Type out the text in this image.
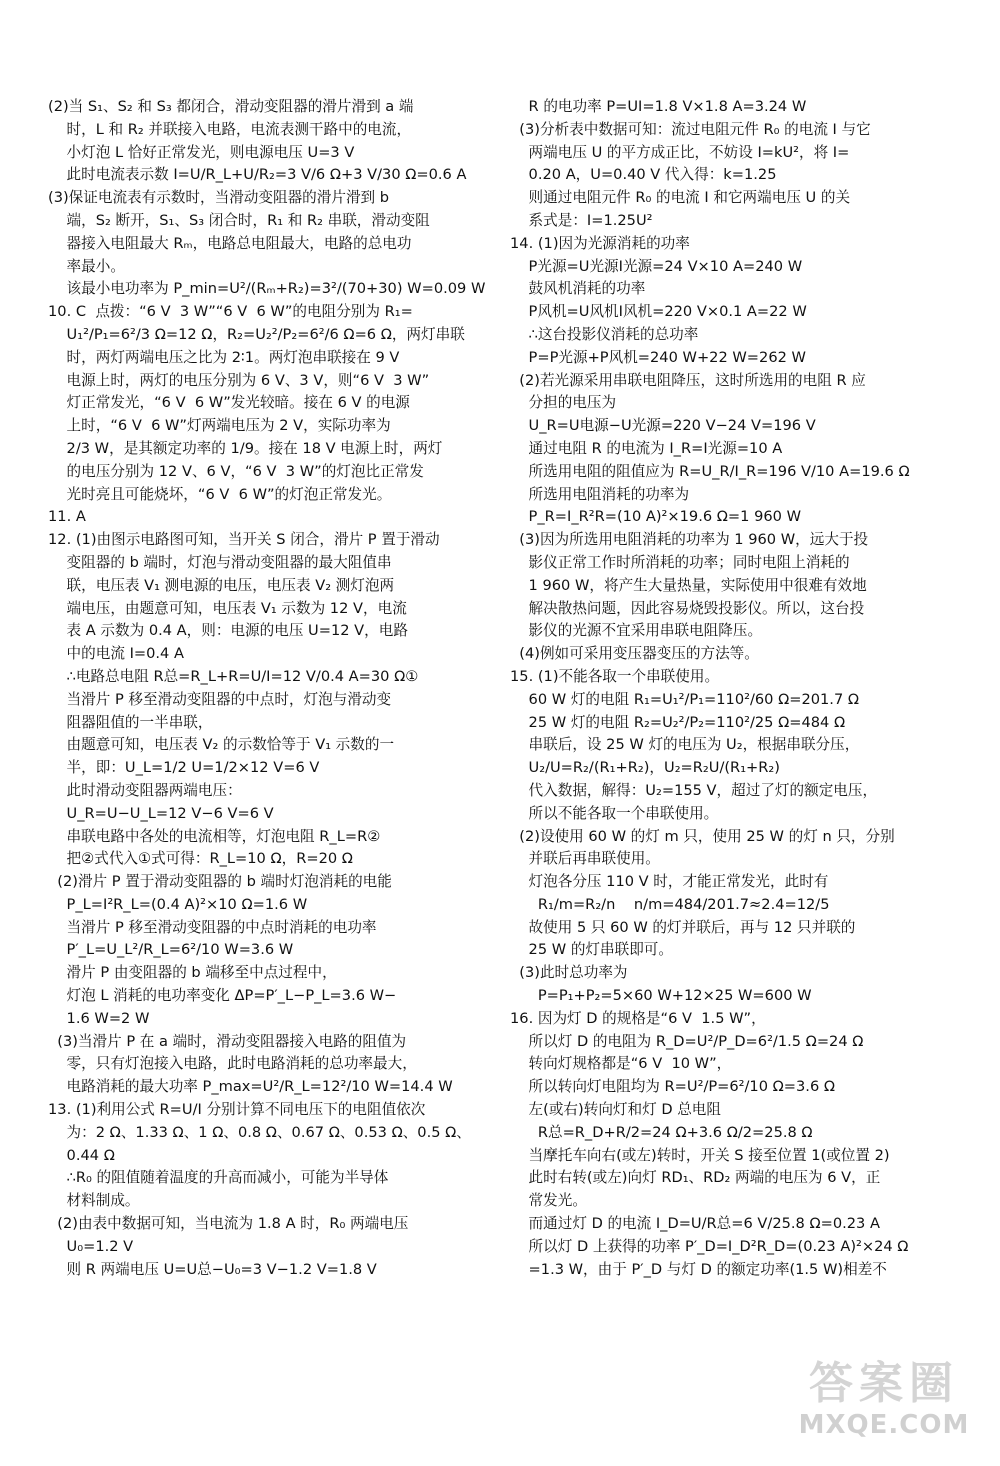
(2)当 S₁、S₂ 和 S₃ 都闭合，滑动变阻器的滑片滑到 a 端
时，L 和 R₂ 并联接入电路，电流表测干路中的电流，
小灯泡 L 恰好正常发光，则电源电压 U=3 V
此时电流表示数 I=U/R_L+U/R₂=3 V/6 Ω+3 V/30 Ω=0.6 A
(3)保证电流表有示数时，当滑动变阻器的滑片滑到 b
端，S₂ 断开，S₁、S₃ 闭合时，R₁ 和 R₂ 串联，滑动变阻
器接入电阻最大 Rₘ，电路总电阻最大，电路的总电功
率最小。
该最小电功率为 P_min=U²/(Rₘ+R₂)=3²/(70+30) W=0.09 W
10. C  点拨：“6 V  3 W”“6 V  6 W”的电阻分别为 R₁=
U₁²/P₁=6²/3 Ω=12 Ω，R₂=U₂²/P₂=6²/6 Ω=6 Ω，两灯串联
时，两灯两端电压之比为 2∶1。两灯泡串联接在 9 V
电源上时，两灯的电压分别为 6 V、3 V，则“6 V  3 W”
灯正常发光，“6 V  6 W”发光较暗。接在 6 V 的电源
上时，“6 V  6 W”灯两端电压为 2 V，实际功率为
2/3 W，是其额定功率的 1/9。接在 18 V 电源上时，两灯
的电压分别为 12 V、6 V，“6 V  3 W”的灯泡比正常发
光时亮且可能烧坏，“6 V  6 W”的灯泡正常发光。
11. A
12. (1)由图示电路图可知，当开关 S 闭合，滑片 P 置于滑动
变阻器的 b 端时，灯泡与滑动变阻器的最大阻值串
联，电压表 V₁ 测电源的电压，电压表 V₂ 测灯泡两
端电压，由题意可知，电压表 V₁ 示数为 12 V，电流
表 A 示数为 0.4 A，则：电源的电压 U=12 V，电路
中的电流 I=0.4 A
∴电路总电阻 R总=R_L+R=U/I=12 V/0.4 A=30 Ω①
当滑片 P 移至滑动变阻器的中点时，灯泡与滑动变
阻器阻值的一半串联，
由题意可知，电压表 V₂ 的示数恰等于 V₁ 示数的一
半，即：U_L=1/2 U=1/2×12 V=6 V
此时滑动变阻器两端电压：
U_R=U−U_L=12 V−6 V=6 V
串联电路中各处的电流相等，灯泡电阻 R_L=R②
把②式代入①式可得：R_L=10 Ω，R=20 Ω
(2)滑片 P 置于滑动变阻器的 b 端时灯泡消耗的电能
P_L=I²R_L=(0.4 A)²×10 Ω=1.6 W
当滑片 P 移至滑动变阻器的中点时消耗的电功率
P′_L=U_L²/R_L=6²/10 W=3.6 W
滑片 P 由变阻器的 b 端移至中点过程中，
灯泡 L 消耗的电功率变化 ΔP=P′_L−P_L=3.6 W−
1.6 W=2 W
(3)当滑片 P 在 a 端时，滑动变阻器接入电路的阻值为
零，只有灯泡接入电路，此时电路消耗的总功率最大，
电路消耗的最大功率 P_max=U²/R_L=12²/10 W=14.4 W
13. (1)利用公式 R=U/I 分别计算不同电压下的电阻值依次
为：2 Ω、1.33 Ω、1 Ω、0.8 Ω、0.67 Ω、0.53 Ω、0.5 Ω、
0.44 Ω
∴R₀ 的阻值随着温度的升高而减小，可能为半导体
材料制成。
(2)由表中数据可知，当电流为 1.8 A 时，R₀ 两端电压
U₀=1.2 V
则 R 两端电压 U=U总−U₀=3 V−1.2 V=1.8 V
R 的电功率 P=UI=1.8 V×1.8 A=3.24 W
(3)分析表中数据可知：流过电阻元件 R₀ 的电流 I 与它
两端电压 U 的平方成正比，不妨设 I=kU²，将 I=
0.20 A，U=0.40 V 代入得：k=1.25
则通过电阻元件 R₀ 的电流 I 和它两端电压 U 的关
系式是：I=1.25U²
14. (1)因为光源消耗的功率
P光源=U光源I光源=24 V×10 A=240 W
鼓风机消耗的功率
P风机=U风机I风机=220 V×0.1 A=22 W
∴这台投影仪消耗的总功率
P=P光源+P风机=240 W+22 W=262 W
(2)若光源采用串联电阻降压，这时所选用的电阻 R 应
分担的电压为
U_R=U电源−U光源=220 V−24 V=196 V
通过电阻 R 的电流为 I_R=I光源=10 A
所选用电阻的阻值应为 R=U_R/I_R=196 V/10 A=19.6 Ω
所选用电阻消耗的功率为
P_R=I_R²R=(10 A)²×19.6 Ω=1 960 W
(3)因为所选用电阻消耗的功率为 1 960 W，远大于投
影仪正常工作时所消耗的功率；同时电阻上消耗的
1 960 W，将产生大量热量，实际使用中很难有效地
解决散热问题，因此容易烧毁投影仪。所以，这台投
影仪的光源不宜采用串联电阻降压。
(4)例如可采用变压器变压的方法等。
15. (1)不能各取一个串联使用。
60 W 灯的电阻 R₁=U₁²/P₁=110²/60 Ω=201.7 Ω
25 W 灯的电阻 R₂=U₂²/P₂=110²/25 Ω=484 Ω
串联后，设 25 W 灯的电压为 U₂，根据串联分压，
U₂/U=R₂/(R₁+R₂)，U₂=R₂U/(R₁+R₂)
代入数据，解得：U₂=155 V，超过了灯的额定电压，
所以不能各取一个串联使用。
(2)设使用 60 W 的灯 m 只，使用 25 W 的灯 n 只，分别
并联后再串联使用。
灯泡各分压 110 V 时，才能正常发光，此时有
R₁/m=R₂/n    n/m=484/201.7≈2.4=12/5
故使用 5 只 60 W 的灯并联后，再与 12 只并联的
25 W 的灯串联即可。
(3)此时总功率为
P=P₁+P₂=5×60 W+12×25 W=600 W
16. 因为灯 D 的规格是“6 V  1.5 W”，
所以灯 D 的电阻为 R_D=U²/P_D=6²/1.5 Ω=24 Ω
转向灯规格都是“6 V  10 W”，
所以转向灯电阻均为 R=U²/P=6²/10 Ω=3.6 Ω
左(或右)转向灯和灯 D 总电阻
R总=R_D+R/2=24 Ω+3.6 Ω/2=25.8 Ω
当摩托车向右(或左)转时，开关 S 接至位置 1(或位置 2)
此时右转(或左)向灯 RD₁、RD₂ 两端的电压为 6 V，正
常发光。
而通过灯 D 的电流 I_D=U/R总=6 V/25.8 Ω=0.23 A
所以灯 D 上获得的功率 P′_D=I_D²R_D=(0.23 A)²×24 Ω
=1.3 W，由于 P′_D 与灯 D 的额定功率(1.5 W)相差不
答案圈
MXQE.COM
